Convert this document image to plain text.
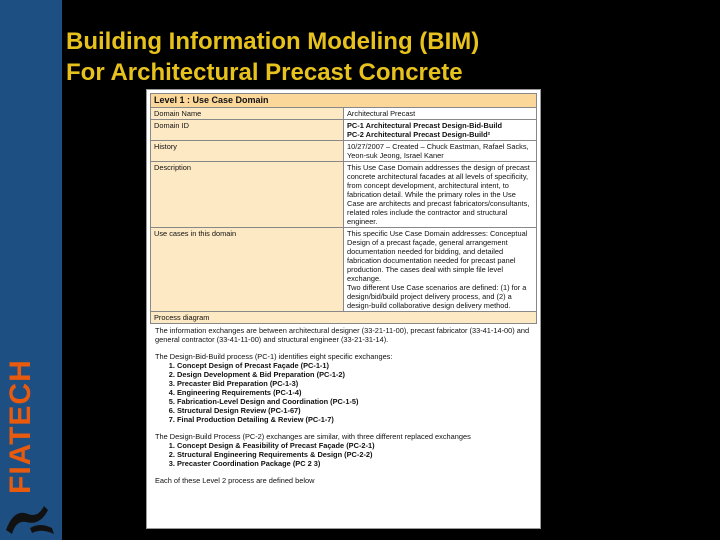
FIATECH
Building Information Modeling (BIM)
For Architectural Precast Concrete
Level 1 : Use Case Domain	
Domain Name	Architectural Precast
Domain ID	PC-1 Architectural Precast Design-Bid-Build
PC-2 Architectural Precast Design-Build²

History	10/27/2007 – Created – Chuck Eastman, Rafael Sacks, Yeon-suk Jeong, Israel Kaner
Description	This Use Case Domain addresses the design of precast concrete architectural facades at all levels of specificity, from concept development, architectural intent, to fabrication detail. While the primary roles in the Use Case are architects and precast fabricators/consultants, related roles include the contractor and structural engineer.
Use cases in this domain	This specific Use Case Domain addresses: Conceptual Design of a precast façade, general arrangement documentation needed for bidding, and detailed fabrication documentation needed for precast panel production. The cases deal with simple file level exchange.
Two different Use Case scenarios are defined: (1) for a design/bid/build project delivery process, and (2) a design-build collaborative design delivery method.

Process diagram	

The information exchanges are between architectural designer (33-21-11-00), precast fabricator (33-41-14-00) and general contractor (33-41-11-00) and structural engineer (33-21-31-14).

The Design-Bid-Build process (PC-1) identifies eight specific exchanges:
1. Concept Design of Precast Façade (PC-1-1)
2. Design Development & Bid Preparation (PC-1-2)
3. Precaster Bid Preparation (PC-1-3)
4. Engineering Requirements (PC-1-4)
5. Fabrication-Level Design and Coordination (PC-1-5)
6. Structural Design Review (PC-1-67)
7. Final Production Detailing & Review (PC-1-7)
The Design-Build Process (PC-2) exchanges are similar, with three different replaced exchanges
1. Concept Design & Feasibility of Precast Façade (PC-2-1)
2. Structural Engineering Requirements & Design (PC-2-2)
3. Precaster Coordination Package (PC 2 3)
Each of these Level 2 process are defined below
